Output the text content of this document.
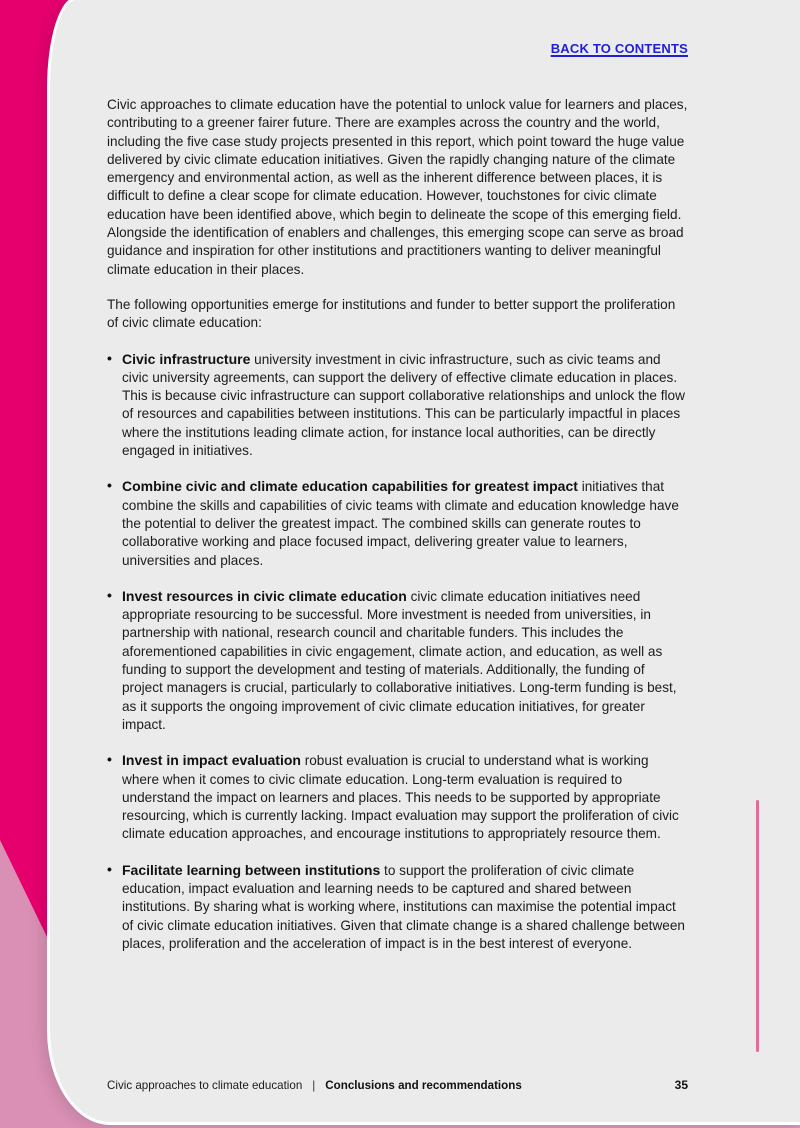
BACK TO CONTENTS

Civic approaches to climate education have the potential to unlock value for learners and places, contributing to a greener fairer future. There are examples across the country and the world, including the five case study projects presented in this report, which point toward the huge value delivered by civic climate education initiatives. Given the rapidly changing nature of the climate emergency and environmental action, as well as the inherent difference between places, it is difficult to define a clear scope for climate education. However, touchstones for civic climate education have been identified above, which begin to delineate the scope of this emerging field. Alongside the identification of enablers and challenges, this emerging scope can serve as broad guidance and inspiration for other institutions and practitioners wanting to deliver meaningful climate education in their places.

The following opportunities emerge for institutions and funder to better support the proliferation of civic climate education:

• Civic infrastructure university investment in civic infrastructure, such as civic teams and civic university agreements, can support the delivery of effective climate education in places. This is because civic infrastructure can support collaborative relationships and unlock the flow of resources and capabilities between institutions. This can be particularly impactful in places where the institutions leading climate action, for instance local authorities, can be directly engaged in initiatives.
• Combine civic and climate education capabilities for greatest impact initiatives that combine the skills and capabilities of civic teams with climate and education knowledge have the potential to deliver the greatest impact. The combined skills can generate routes to collaborative working and place focused impact, delivering greater value to learners, universities and places.
• Invest resources in civic climate education civic climate education initiatives need appropriate resourcing to be successful. More investment is needed from universities, in partnership with national, research council and charitable funders. This includes the aforementioned capabilities in civic engagement, climate action, and education, as well as funding to support the development and testing of materials. Additionally, the funding of project managers is crucial, particularly to collaborative initiatives. Long-term funding is best, as it supports the ongoing improvement of civic climate education initiatives, for greater impact.
• Invest in impact evaluation robust evaluation is crucial to understand what is working where when it comes to civic climate education. Long-term evaluation is required to understand the impact on learners and places. This needs to be supported by appropriate resourcing, which is currently lacking. Impact evaluation may support the proliferation of civic climate education approaches, and encourage institutions to appropriately resource them.
• Facilitate learning between institutions to support the proliferation of civic climate education, impact evaluation and learning needs to be captured and shared between institutions. By sharing what is working where, institutions can maximise the potential impact of civic climate education initiatives. Given that climate change is a shared challenge between places, proliferation and the acceleration of impact is in the best interest of everyone.
Civic approaches to climate education | Conclusions and recommendations	35
